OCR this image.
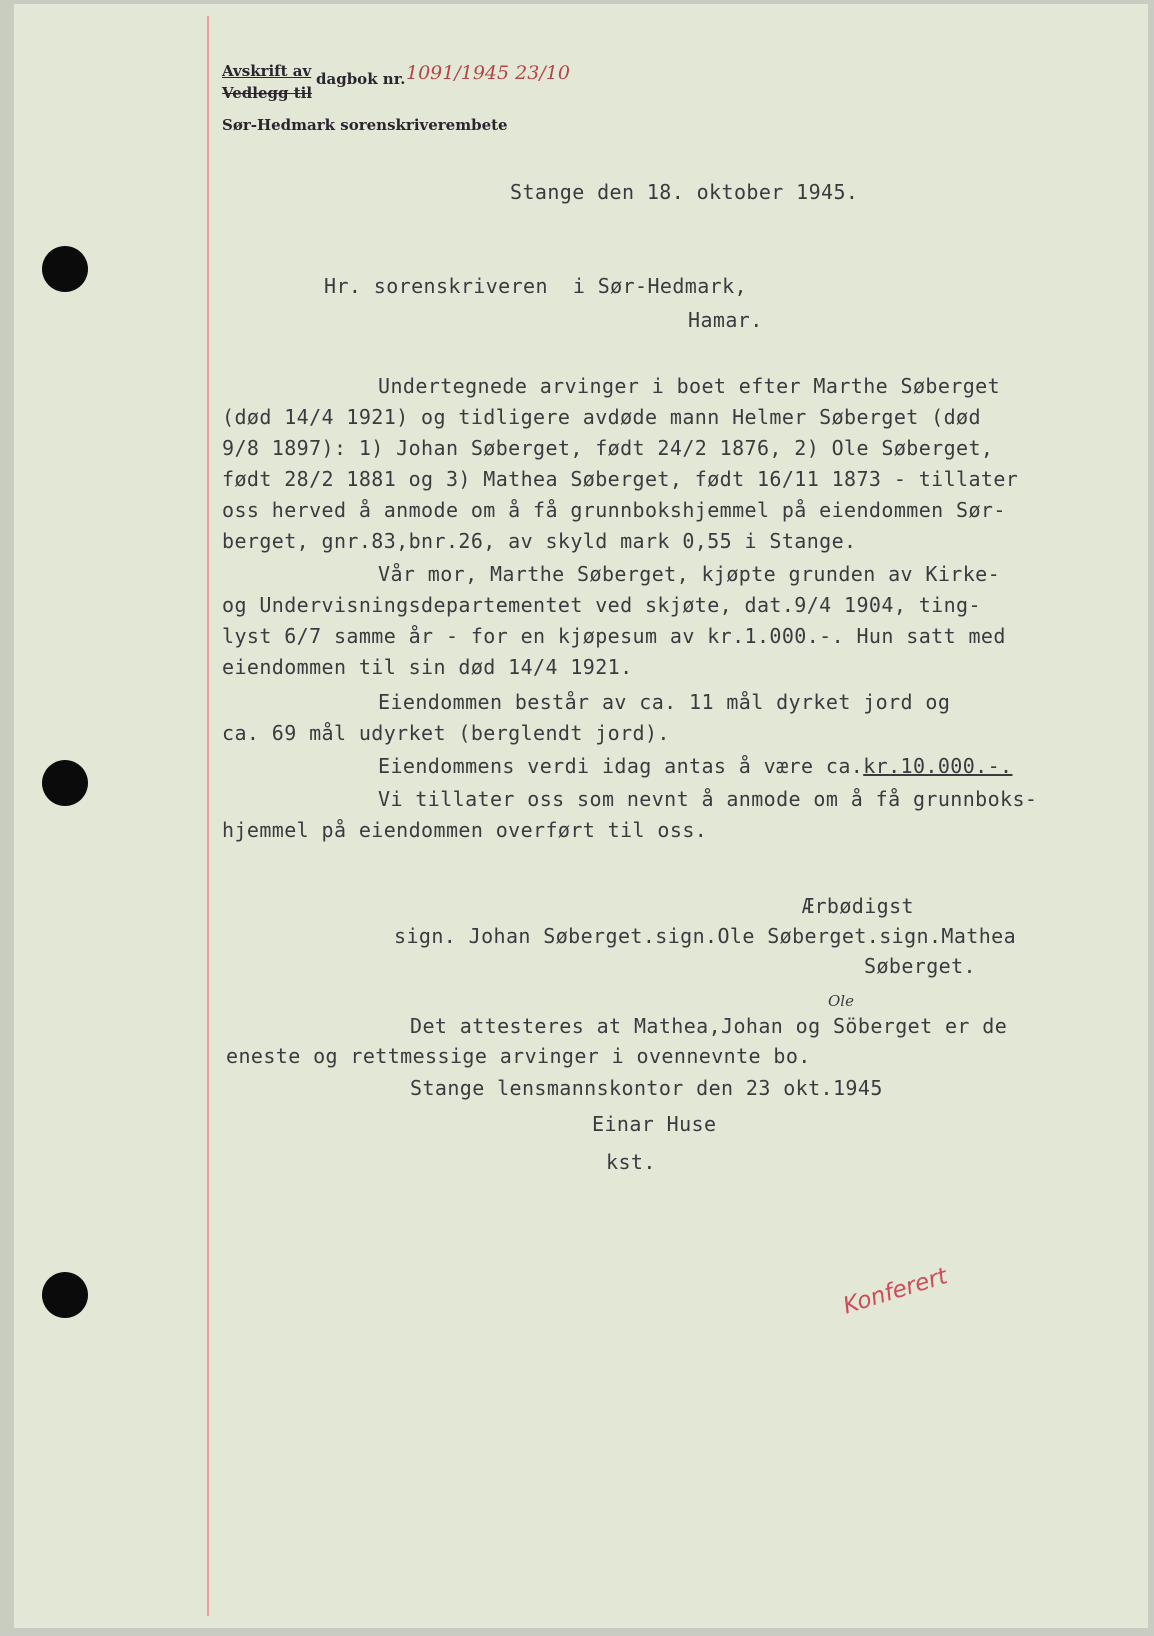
Avskrift av dagbok nr.
Vedlegg til
Sør-Hedmark sorenskriverembete
1091/1945 23/10
Stange den 18. oktober 1945.
Hr. sorenskriveren  i Sør-Hedmark,
Hamar.
Undertegnede arvinger i boet efter Marthe Søberget
(død 14/4 1921) og tidligere avdøde mann Helmer Søberget (død
9/8 1897): 1) Johan Søberget, født 24/2 1876, 2) Ole Søberget,
født 28/2 1881 og 3) Mathea Søberget, født 16/11 1873 - tillater
oss herved å anmode om å få grunnbokshjemmel på eiendommen Sør-
berget, gnr.83,bnr.26, av skyld mark 0,55 i Stange.
Vår mor, Marthe Søberget, kjøpte grunden av Kirke-
og Undervisningsdepartementet ved skjøte, dat.9/4 1904, ting-
lyst 6/7 samme år - for en kjøpesum av kr.1.000.-. Hun satt med
eiendommen til sin død 14/4 1921.
Eiendommen består av ca. 11 mål dyrket jord og
ca. 69 mål udyrket (berglendt jord).
Eiendommens verdi idag antas å være ca.kr.10.000.-.
Vi tillater oss som nevnt å anmode om å få grunnboks-
hjemmel på eiendommen overført til oss.
Ærbødigst
sign. Johan Søberget.sign.Ole Søberget.sign.Mathea
Søberget.
Ole
Det attesteres at Mathea,Johan og Söberget er de
eneste og rettmessige arvinger i ovennevnte bo.
Stange lensmannskontor den 23 okt.1945
Einar Huse
kst.
Konferert
